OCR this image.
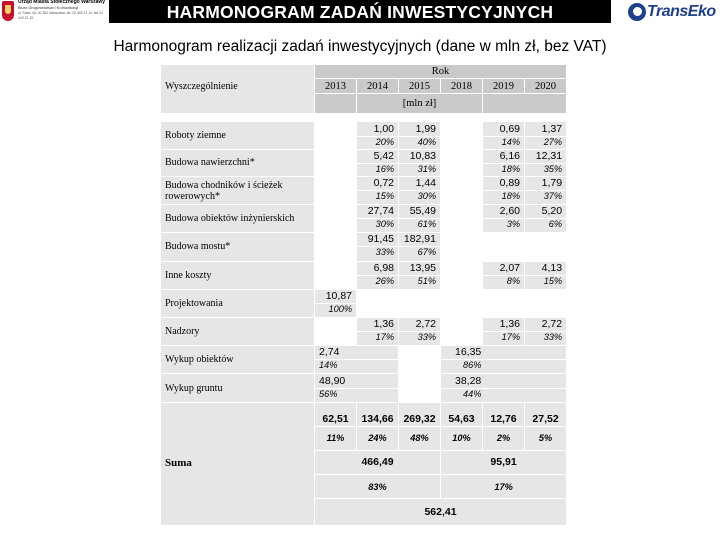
Urząd Miasta Stołecznego Warszawy
Biuro Drogownictwa i Komunikacji
ul. Solec 48, 00-382 Warszawa, tel. 22 443 21 14, fax 22 443 21 15	HARMONOGRAM ZADAŃ INWESTYCYJNYCH	TransEko
Harmonogram realizacji zadań inwestycyjnych (dane w mln zł, bez VAT)
Wyszczególnienie	Rok					
	2013	2014	2015	2018	2019	2020
		[mln zł]				

Roboty ziemne		1,00	1,99		0,69	1,37
		20%	40%		14%	27%
Budowa nawierzchni*		5,42	10,83		6,16	12,31
		16%	31%		18%	35%
Budowa chodników i ścieżek rowerowych*		0,72	1,44		0,89	1,79
		15%	30%		18%	37%
Budowa obiektów inżynierskich		27,74	55,49		2,60	5,20
		30%	61%		3%	6%
Budowa mostu*		91,45	182,91			
		33%	67%			
Inne koszty		6,98	13,95		2,07	4,13
		26%	51%		8%	15%
Projektowania	10,87					
	100%					
Nadzory		1,36	2,72		1,36	2,72
		17%	33%		17%	33%
Wykup obiektów	2,74			16,35		
	14%			86%		
Wykup gruntu	48,90			38,28		
	56%			44%		
Suma	62,51	134,66	269,32	54,63	12,76	27,52
	11%	24%	48%	10%	2%	5%
	466,49			95,91		
	83%			17%		
	562,41					
